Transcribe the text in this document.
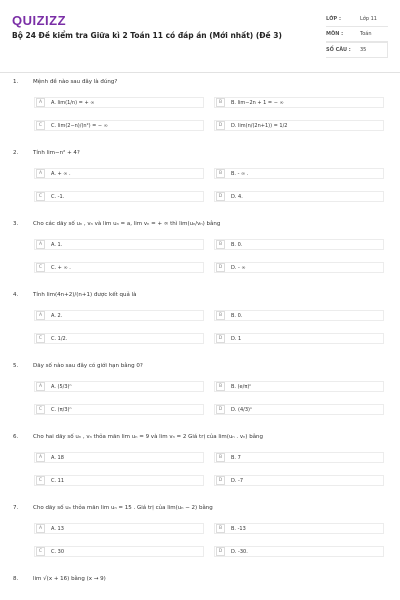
QUIZIZZ
Bộ 24 Đề kiểm tra Giữa kì 2 Toán 11 có đáp án (Mới nhất) (Đề 3)
LỚP :	Lớp 11
MÔN :	Toán
SỐ CÂU :	35
1.	Mệnh đề nào sau đây là đúng?
A	A. lim(1/n) = + ∞	B	B. lim−2n + 1 = − ∞
C	C. lim(2−n)/(n²) = − ∞	D	D. lim(n/(2n+1)) = 1/2
2.	Tính lim−n² + 4?
A	A. + ∞ .	B	B. - ∞ .
C	C. -1.	D	D. 4.
3.	Cho các dãy số uₙ , vₙ và lim uₙ = a, lim vₙ = + ∞ thì lim(uₙ/vₙ) bằng
A	A. 1.	B	B. 0.
C	C. + ∞ .	D	D. - ∞
4.	Tính lim(4n+2)/(n+1) được kết quả là
A	A. 2.	B	B. 0.
C	C. 1/2.	D	D. 1
5.	Dãy số nào sau đây có giới hạn bằng 0?
A	A. (5/3)ⁿ	B	B. (e/π)ⁿ
C	C. (π/3)ⁿ	D	D. (4/3)ⁿ
6.	Cho hai dãy số uₙ , vₙ thỏa mãn lim uₙ = 9 và lim vₙ = 2 Giá trị của lim(uₙ . vₙ) bằng
A	A. 18	B	B. 7
C	C. 11	D	D. -7
7.	Cho dãy số uₙ thỏa mãn lim uₙ = 15 . Giá trị của lim(uₙ − 2) bằng
A	A. 13	B	B. -13
C	C. 30	D	D. -30.
8.	lim √(x + 16) bằng (x → 9)
